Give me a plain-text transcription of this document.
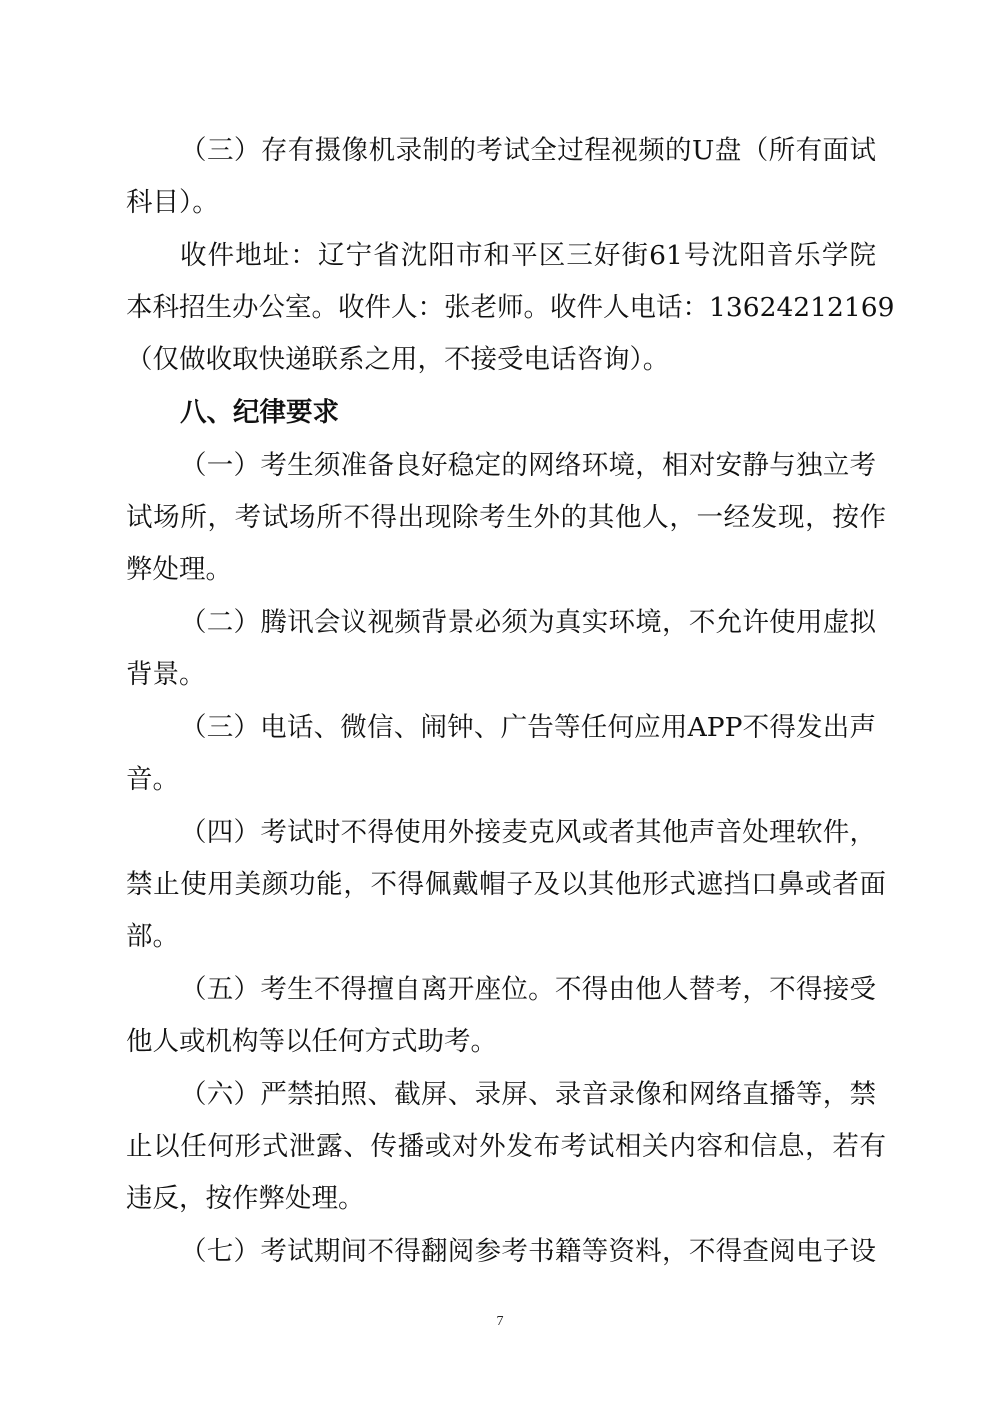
（三）存有摄像机录制的考试全过程视频的U盘（所有面试
科目）。
收件地址：辽宁省沈阳市和平区三好街61号沈阳音乐学院
本科招生办公室。收件人：张老师。收件人电话：13624212169
（仅做收取快递联系之用，不接受电话咨询）。
八、纪律要求
（一）考生须准备良好稳定的网络环境，相对安静与独立考
试场所，考试场所不得出现除考生外的其他人，一经发现，按作
弊处理。
（二）腾讯会议视频背景必须为真实环境，不允许使用虚拟
背景。
（三）电话、微信、闹钟、广告等任何应用APP不得发出声
音。
（四）考试时不得使用外接麦克风或者其他声音处理软件，
禁止使用美颜功能，不得佩戴帽子及以其他形式遮挡口鼻或者面
部。
（五）考生不得擅自离开座位。不得由他人替考，不得接受
他人或机构等以任何方式助考。
（六）严禁拍照、截屏、录屏、录音录像和网络直播等，禁
止以任何形式泄露、传播或对外发布考试相关内容和信息，若有
违反，按作弊处理。
（七）考试期间不得翻阅参考书籍等资料，不得查阅电子设
7
